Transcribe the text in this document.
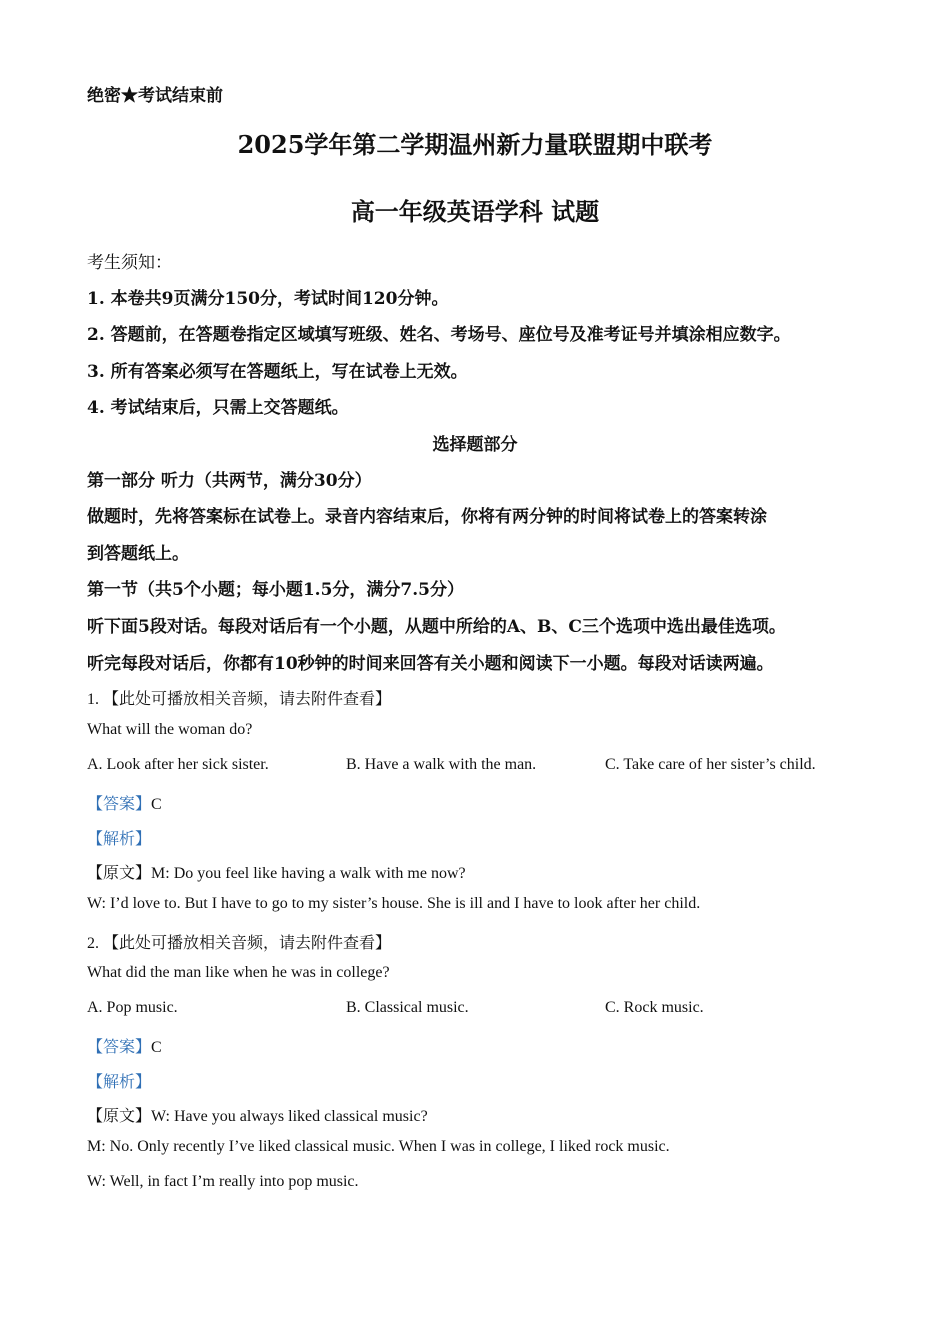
绝密★考试结束前
2025学年第二学期温州新力量联盟期中联考
高一年级英语学科 试题
考生须知：
1. 本卷共9页满分150分，考试时间120分钟。
2. 答题前，在答题卷指定区域填写班级、姓名、考场号、座位号及准考证号并填涂相应数字。
3. 所有答案必须写在答题纸上，写在试卷上无效。
4. 考试结束后，只需上交答题纸。
选择题部分
第一部分 听力（共两节，满分30分）
做题时，先将答案标在试卷上。录音内容结束后，你将有两分钟的时间将试卷上的答案转涂
到答题纸上。
第一节（共5个小题；每小题1.5分，满分7.5分）
听下面5段对话。每段对话后有一个小题，从题中所给的A、B、C三个选项中选出最佳选项。
听完每段对话后，你都有10秒钟的时间来回答有关小题和阅读下一小题。每段对话读两遍。
1. 【此处可播放相关音频，请去附件查看】
What will the woman do?
A. Look after her sick sister.	B. Have a walk with the man.	C. Take care of her sister’s child.
【答案】C
【解析】
【原文】M: Do you feel like having a walk with me now?
W: I’d love to. But I have to go to my sister’s house. She is ill and I have to look after her child.
2. 【此处可播放相关音频，请去附件查看】
What did the man like when he was in college?
A. Pop music.	B. Classical music.	C. Rock music.
【答案】C
【解析】
【原文】W: Have you always liked classical music?
M: No. Only recently I’ve liked classical music. When I was in college, I liked rock music.
W: Well, in fact I’m really into pop music.
